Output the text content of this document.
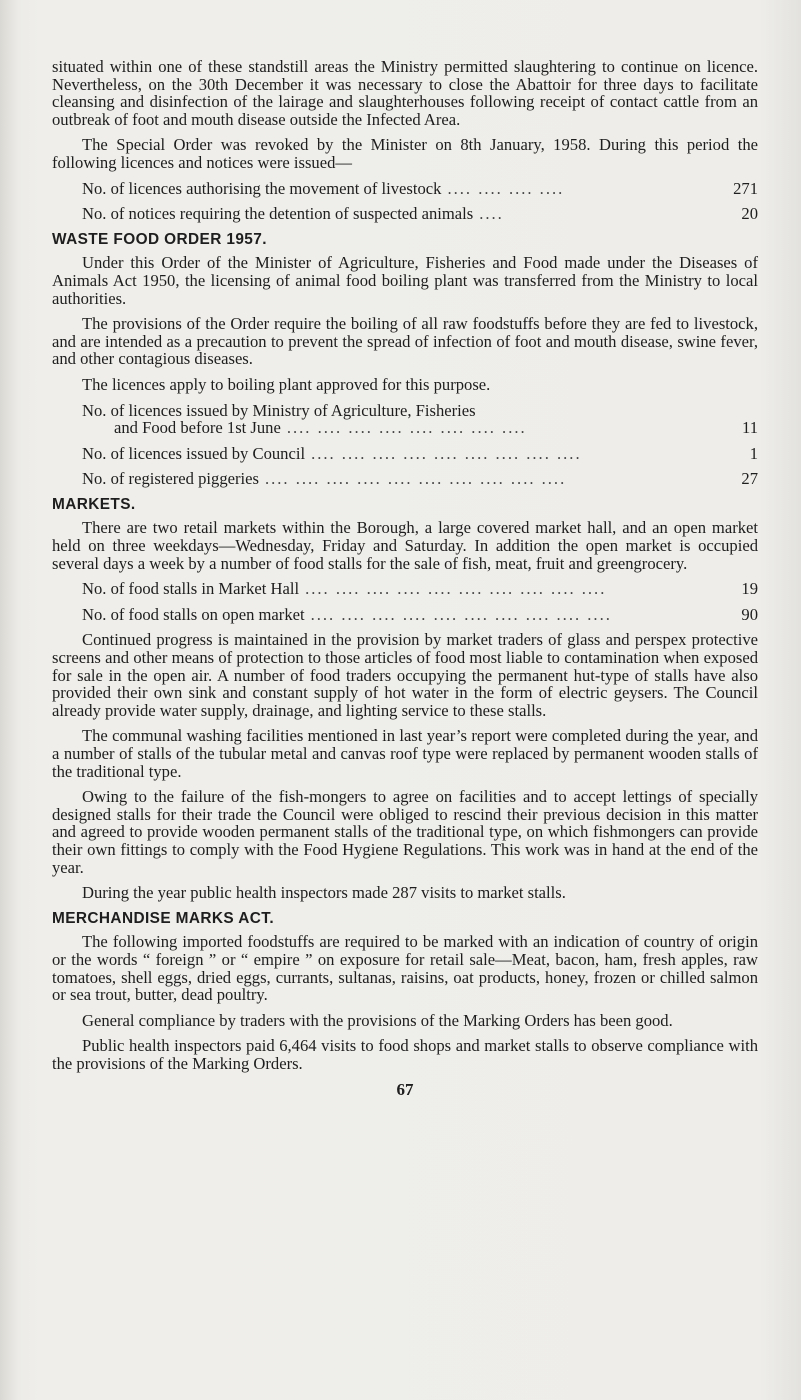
situated within one of these standstill areas the Ministry permitted slaughtering to continue on licence. Nevertheless, on the 30th December it was necessary to close the Abattoir for three days to facilitate cleansing and disinfection of the lairage and slaughterhouses following receipt of contact cattle from an outbreak of foot and mouth disease outside the Infected Area.

The Special Order was revoked by the Minister on 8th January, 1958. During this period the following licences and notices were issued—

No. of licences authorising the movement of livestock .... .... .... ....	271
No. of notices requiring the detention of suspected animals ....	20
WASTE FOOD ORDER 1957.

Under this Order of the Minister of Agriculture, Fisheries and Food made under the Diseases of Animals Act 1950, the licensing of animal food boiling plant was transferred from the Ministry to local authorities.

The provisions of the Order require the boiling of all raw foodstuffs before they are fed to livestock, and are intended as a precaution to prevent the spread of infection of foot and mouth disease, swine fever, and other contagious diseases.

The licences apply to boiling plant approved for this purpose.

No. of licences issued by Ministry of Agriculture, Fisheries
and Food before 1st June .... .... .... .... .... .... .... ....	11
No. of licences issued by Council .... .... .... .... .... .... .... .... ....	1
No. of registered piggeries .... .... .... .... .... .... .... .... .... ....	27
MARKETS.

There are two retail markets within the Borough, a large covered market hall, and an open market held on three weekdays—Wednesday, Friday and Saturday. In addition the open market is occupied several days a week by a number of food stalls for the sale of fish, meat, fruit and greengrocery.

No. of food stalls in Market Hall .... .... .... .... .... .... .... .... .... ....	19
No. of food stalls on open market .... .... .... .... .... .... .... .... .... ....	90

Continued progress is maintained in the provision by market traders of glass and perspex protective screens and other means of protection to those articles of food most liable to contamination when exposed for sale in the open air. A number of food traders occupying the permanent hut-type of stalls have also provided their own sink and constant supply of hot water in the form of electric geysers. The Council already provide water supply, drainage, and lighting service to these stalls.

The communal washing facilities mentioned in last year’s report were completed during the year, and a number of stalls of the tubular metal and canvas roof type were replaced by permanent wooden stalls of the traditional type.

Owing to the failure of the fish-mongers to agree on facilities and to accept lettings of specially designed stalls for their trade the Council were obliged to rescind their previous decision in this matter and agreed to provide wooden permanent stalls of the traditional type, on which fishmongers can provide their own fittings to comply with the Food Hygiene Regulations. This work was in hand at the end of the year.

During the year public health inspectors made 287 visits to market stalls.

MERCHANDISE MARKS ACT.

The following imported foodstuffs are required to be marked with an indication of country of origin or the words “ foreign ” or “ empire ” on exposure for retail sale—Meat, bacon, ham, fresh apples, raw tomatoes, shell eggs, dried eggs, currants, sultanas, raisins, oat products, honey, frozen or chilled salmon or sea trout, butter, dead poultry.

General compliance by traders with the provisions of the Marking Orders has been good.

Public health inspectors paid 6,464 visits to food shops and market stalls to observe compliance with the provisions of the Marking Orders.

67
